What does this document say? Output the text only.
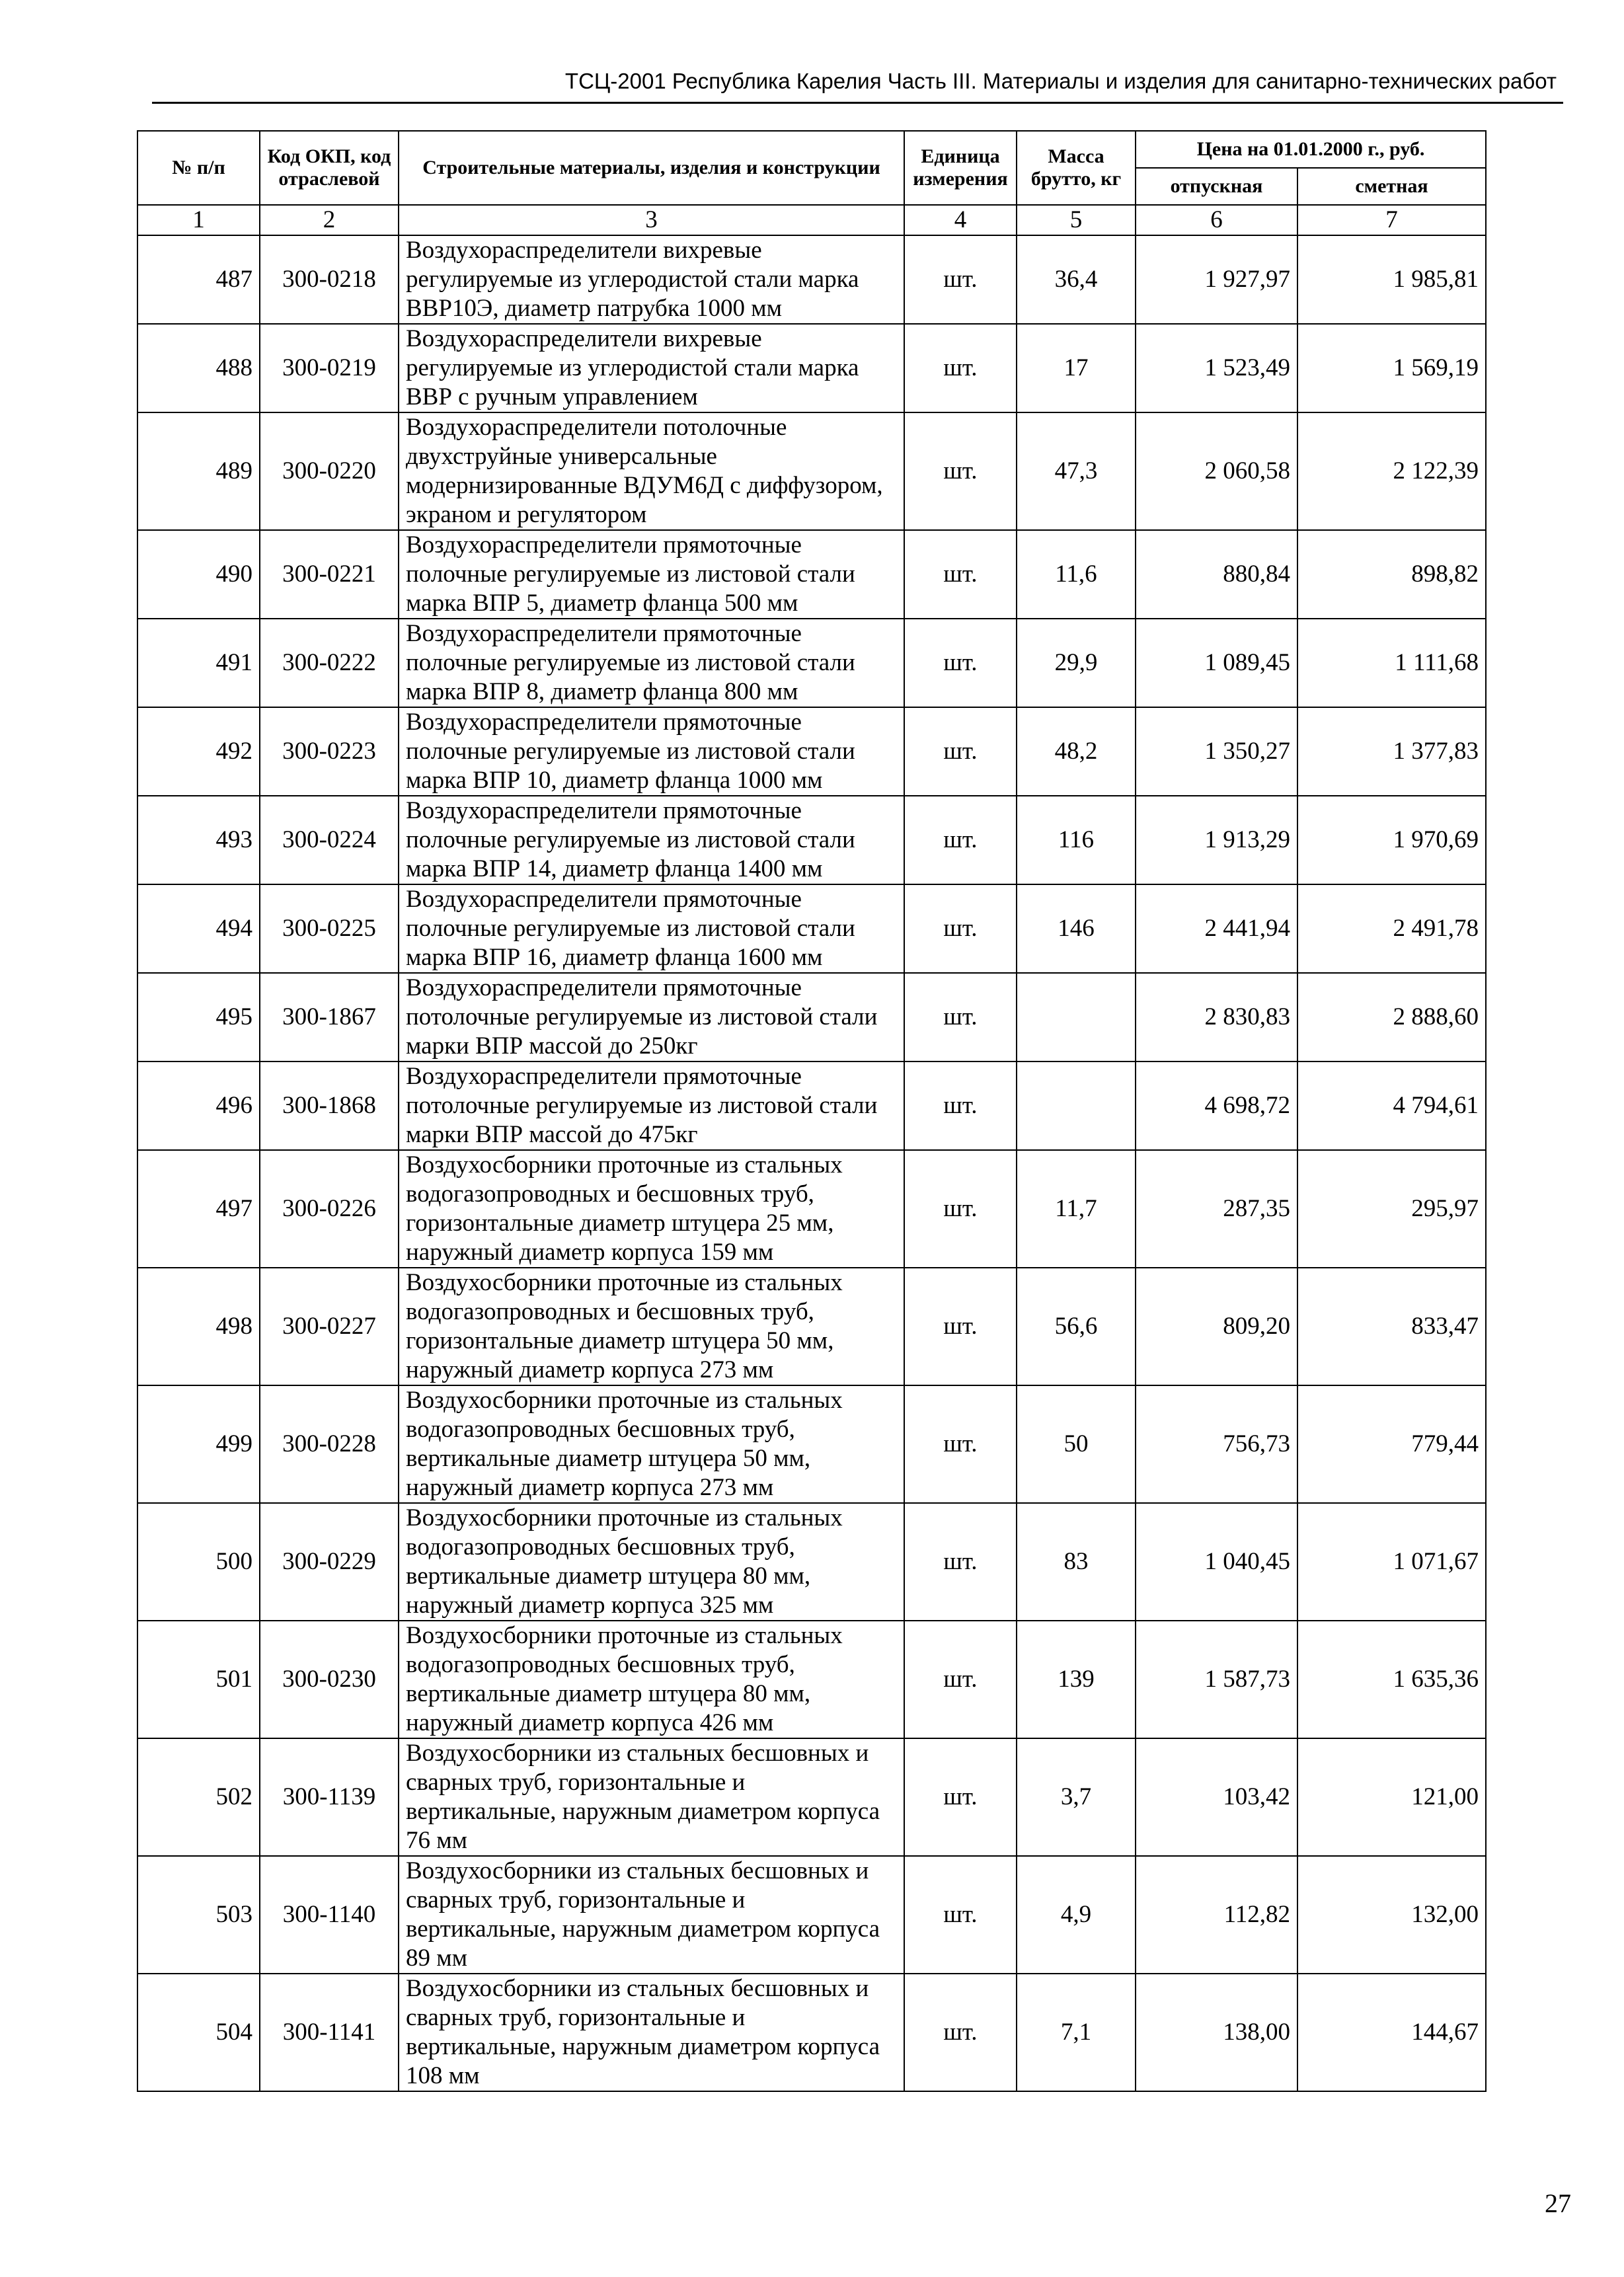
ТСЦ-2001 Республика Карелия Часть III. Материалы и изделия для санитарно-технических работ
№ п/п	Код ОКП, код отраслевой	Строительные материалы, изделия и конструкции	Единица измерения	Масса брутто, кг	Цена на 01.01.2000 г., руб.	
					отпускная	сметная
1	2	3	4	5	6	7
487	300-0218	Воздухораспределители вихревые регулируемые из углеродистой стали марка ВВР10Э, диаметр патрубка 1000 мм	шт.	36,4	1 927,97	1 985,81
488	300-0219	Воздухораспределители вихревые регулируемые из углеродистой стали марка ВВР с ручным управлением	шт.	17	1 523,49	1 569,19
489	300-0220	Воздухораспределители потолочные двухструйные универсальные модернизированные ВДУМ6Д с диффузором, экраном и регулятором	шт.	47,3	2 060,58	2 122,39
490	300-0221	Воздухораспределители прямоточные полочные регулируемые из листовой стали марка ВПР 5, диаметр фланца 500 мм	шт.	11,6	880,84	898,82
491	300-0222	Воздухораспределители прямоточные полочные регулируемые из листовой стали марка ВПР 8, диаметр фланца 800 мм	шт.	29,9	1 089,45	1 111,68
492	300-0223	Воздухораспределители прямоточные полочные регулируемые из листовой стали марка ВПР 10, диаметр фланца 1000 мм	шт.	48,2	1 350,27	1 377,83
493	300-0224	Воздухораспределители прямоточные полочные регулируемые из листовой стали марка ВПР 14, диаметр фланца 1400 мм	шт.	116	1 913,29	1 970,69
494	300-0225	Воздухораспределители прямоточные полочные регулируемые из листовой стали марка ВПР 16, диаметр фланца 1600 мм	шт.	146	2 441,94	2 491,78
495	300-1867	Воздухораспределители прямоточные потолочные регулируемые из листовой стали марки ВПР массой до 250кг	шт.		2 830,83	2 888,60
496	300-1868	Воздухораспределители прямоточные потолочные регулируемые из листовой стали марки ВПР массой до 475кг	шт.		4 698,72	4 794,61
497	300-0226	Воздухосборники проточные из стальных водогазопроводных и бесшовных труб, горизонтальные диаметр штуцера 25 мм, наружный диаметр корпуса 159 мм	шт.	11,7	287,35	295,97
498	300-0227	Воздухосборники проточные из стальных водогазопроводных и бесшовных труб, горизонтальные диаметр штуцера 50 мм, наружный диаметр корпуса 273 мм	шт.	56,6	809,20	833,47
499	300-0228	Воздухосборники проточные из стальных водогазопроводных бесшовных труб, вертикальные диаметр штуцера 50 мм, наружный диаметр корпуса 273 мм	шт.	50	756,73	779,44
500	300-0229	Воздухосборники проточные из стальных водогазопроводных бесшовных труб, вертикальные диаметр штуцера 80 мм, наружный диаметр корпуса 325 мм	шт.	83	1 040,45	1 071,67
501	300-0230	Воздухосборники проточные из стальных водогазопроводных бесшовных труб, вертикальные диаметр штуцера 80 мм, наружный диаметр корпуса 426 мм	шт.	139	1 587,73	1 635,36
502	300-1139	Воздухосборники из стальных бесшовных и сварных труб, горизонтальные и вертикальные, наружным диаметром корпуса 76 мм	шт.	3,7	103,42	121,00
503	300-1140	Воздухосборники из стальных бесшовных и сварных труб, горизонтальные и вертикальные, наружным диаметром корпуса 89 мм	шт.	4,9	112,82	132,00
504	300-1141	Воздухосборники из стальных бесшовных и сварных труб, горизонтальные и вертикальные, наружным диаметром корпуса 108 мм	шт.	7,1	138,00	144,67
27
